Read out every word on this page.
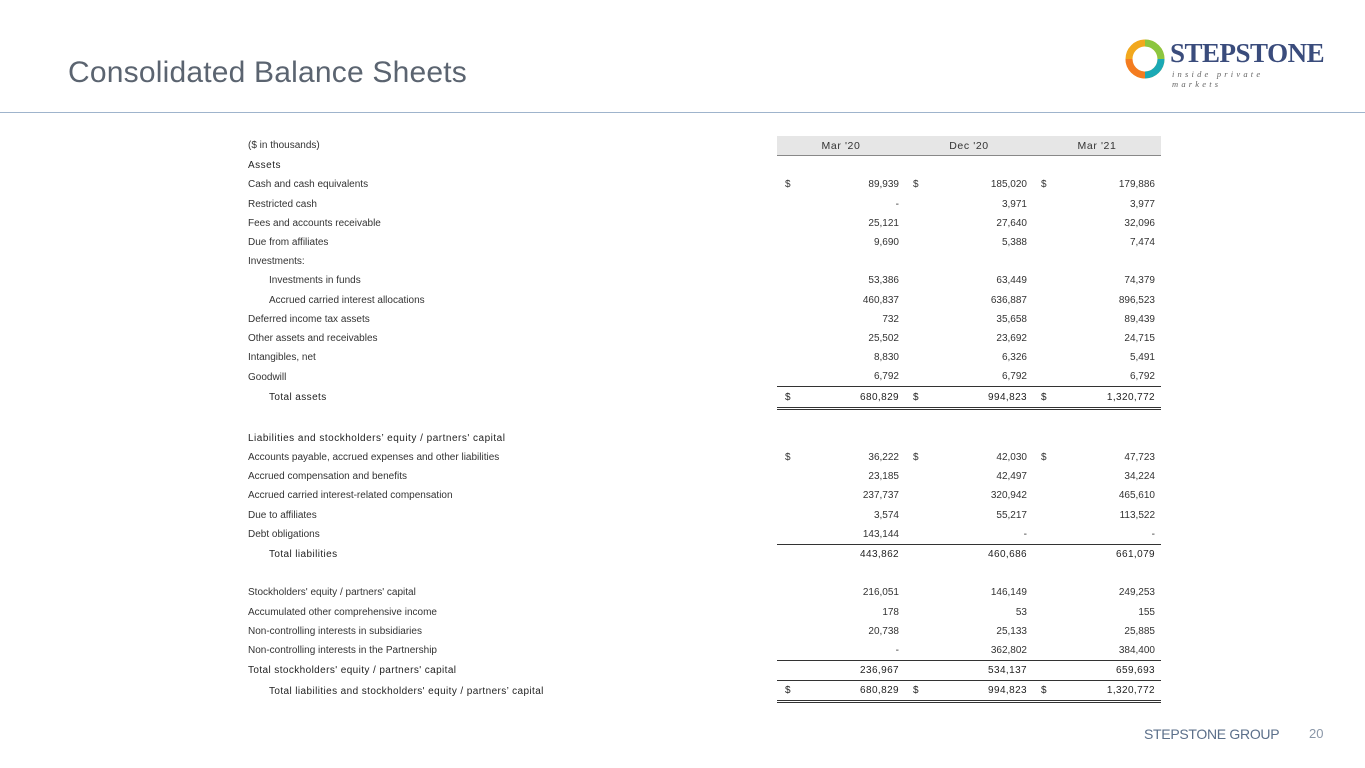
Consolidated Balance Sheets
STEPSTONE
inside private markets
($ in thousands)	Mar '20		Dec '20		Mar '21	
Assets						
Cash and cash equivalents	$	89,939	$	185,020	$	179,886
Restricted cash		-		3,971		3,977
Fees and accounts receivable		25,121		27,640		32,096
Due from affiliates		9,690		5,388		7,474
Investments:						
Investments in funds		53,386		63,449		74,379
Accrued carried interest allocations		460,837		636,887		896,523
Deferred income tax assets		732		35,658		89,439
Other assets and receivables		25,502		23,692		24,715
Intangibles, net		8,830		6,326		5,491
Goodwill		6,792		6,792		6,792
Total assets	$	680,829	$	994,823	$	1,320,772

Liabilities and stockholders’ equity / partners' capital						
Accounts payable, accrued expenses and other liabilities	$	36,222	$	42,030	$	47,723
Accrued compensation and benefits		23,185		42,497		34,224
Accrued carried interest-related compensation		237,737		320,942		465,610
Due to affiliates		3,574		55,217		113,522
Debt obligations		143,144		-		-
Total liabilities		443,862		460,686		661,079

Stockholders' equity / partners' capital		216,051		146,149		249,253
Accumulated other comprehensive income		178		53		155
Non-controlling interests in subsidiaries		20,738		25,133		25,885
Non-controlling interests in the Partnership		-		362,802		384,400
Total stockholders' equity / partners' capital		236,967		534,137		659,693
Total liabilities and stockholders' equity / partners’ capital	$	680,829	$	994,823	$	1,320,772
STEPSTONE GROUP 20
